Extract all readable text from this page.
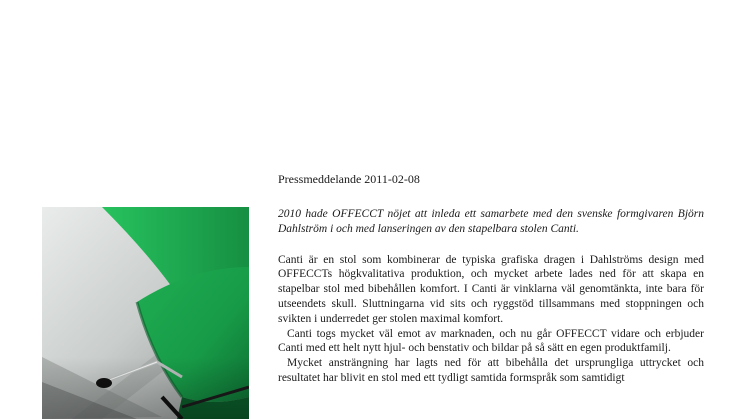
Pressmeddelande 2011-02-08

2010 hade OFFECCT nöjet att inleda ett samarbete med den svenske formgivaren Björn Dahlström i och med lanseringen av den stapelbara stolen Canti.

Canti är en stol som kombinerar de typiska grafiska dragen i Dahlströms design med OFFECCTs högkvalitativa produktion, och mycket arbete lades ned för att skapa en stapelbar stol med bibehållen komfort. I Canti är vinklarna väl genomtänkta, inte bara för utseendets skull. Sluttningarna vid sits och ryggstöd tillsammans med stoppningen och svikten i underredet ger stolen maximal komfort.

Canti togs mycket väl emot av marknaden, och nu går OFFECCT vidare och erbjuder Canti med ett helt nytt hjul- och benstativ och bildar på så sätt en egen produktfamilj.

Mycket ansträngning har lagts ned för att bibehålla det ursprungliga uttrycket och resultatet har blivit en stol med ett tydligt samtida formspråk som samtidigt
